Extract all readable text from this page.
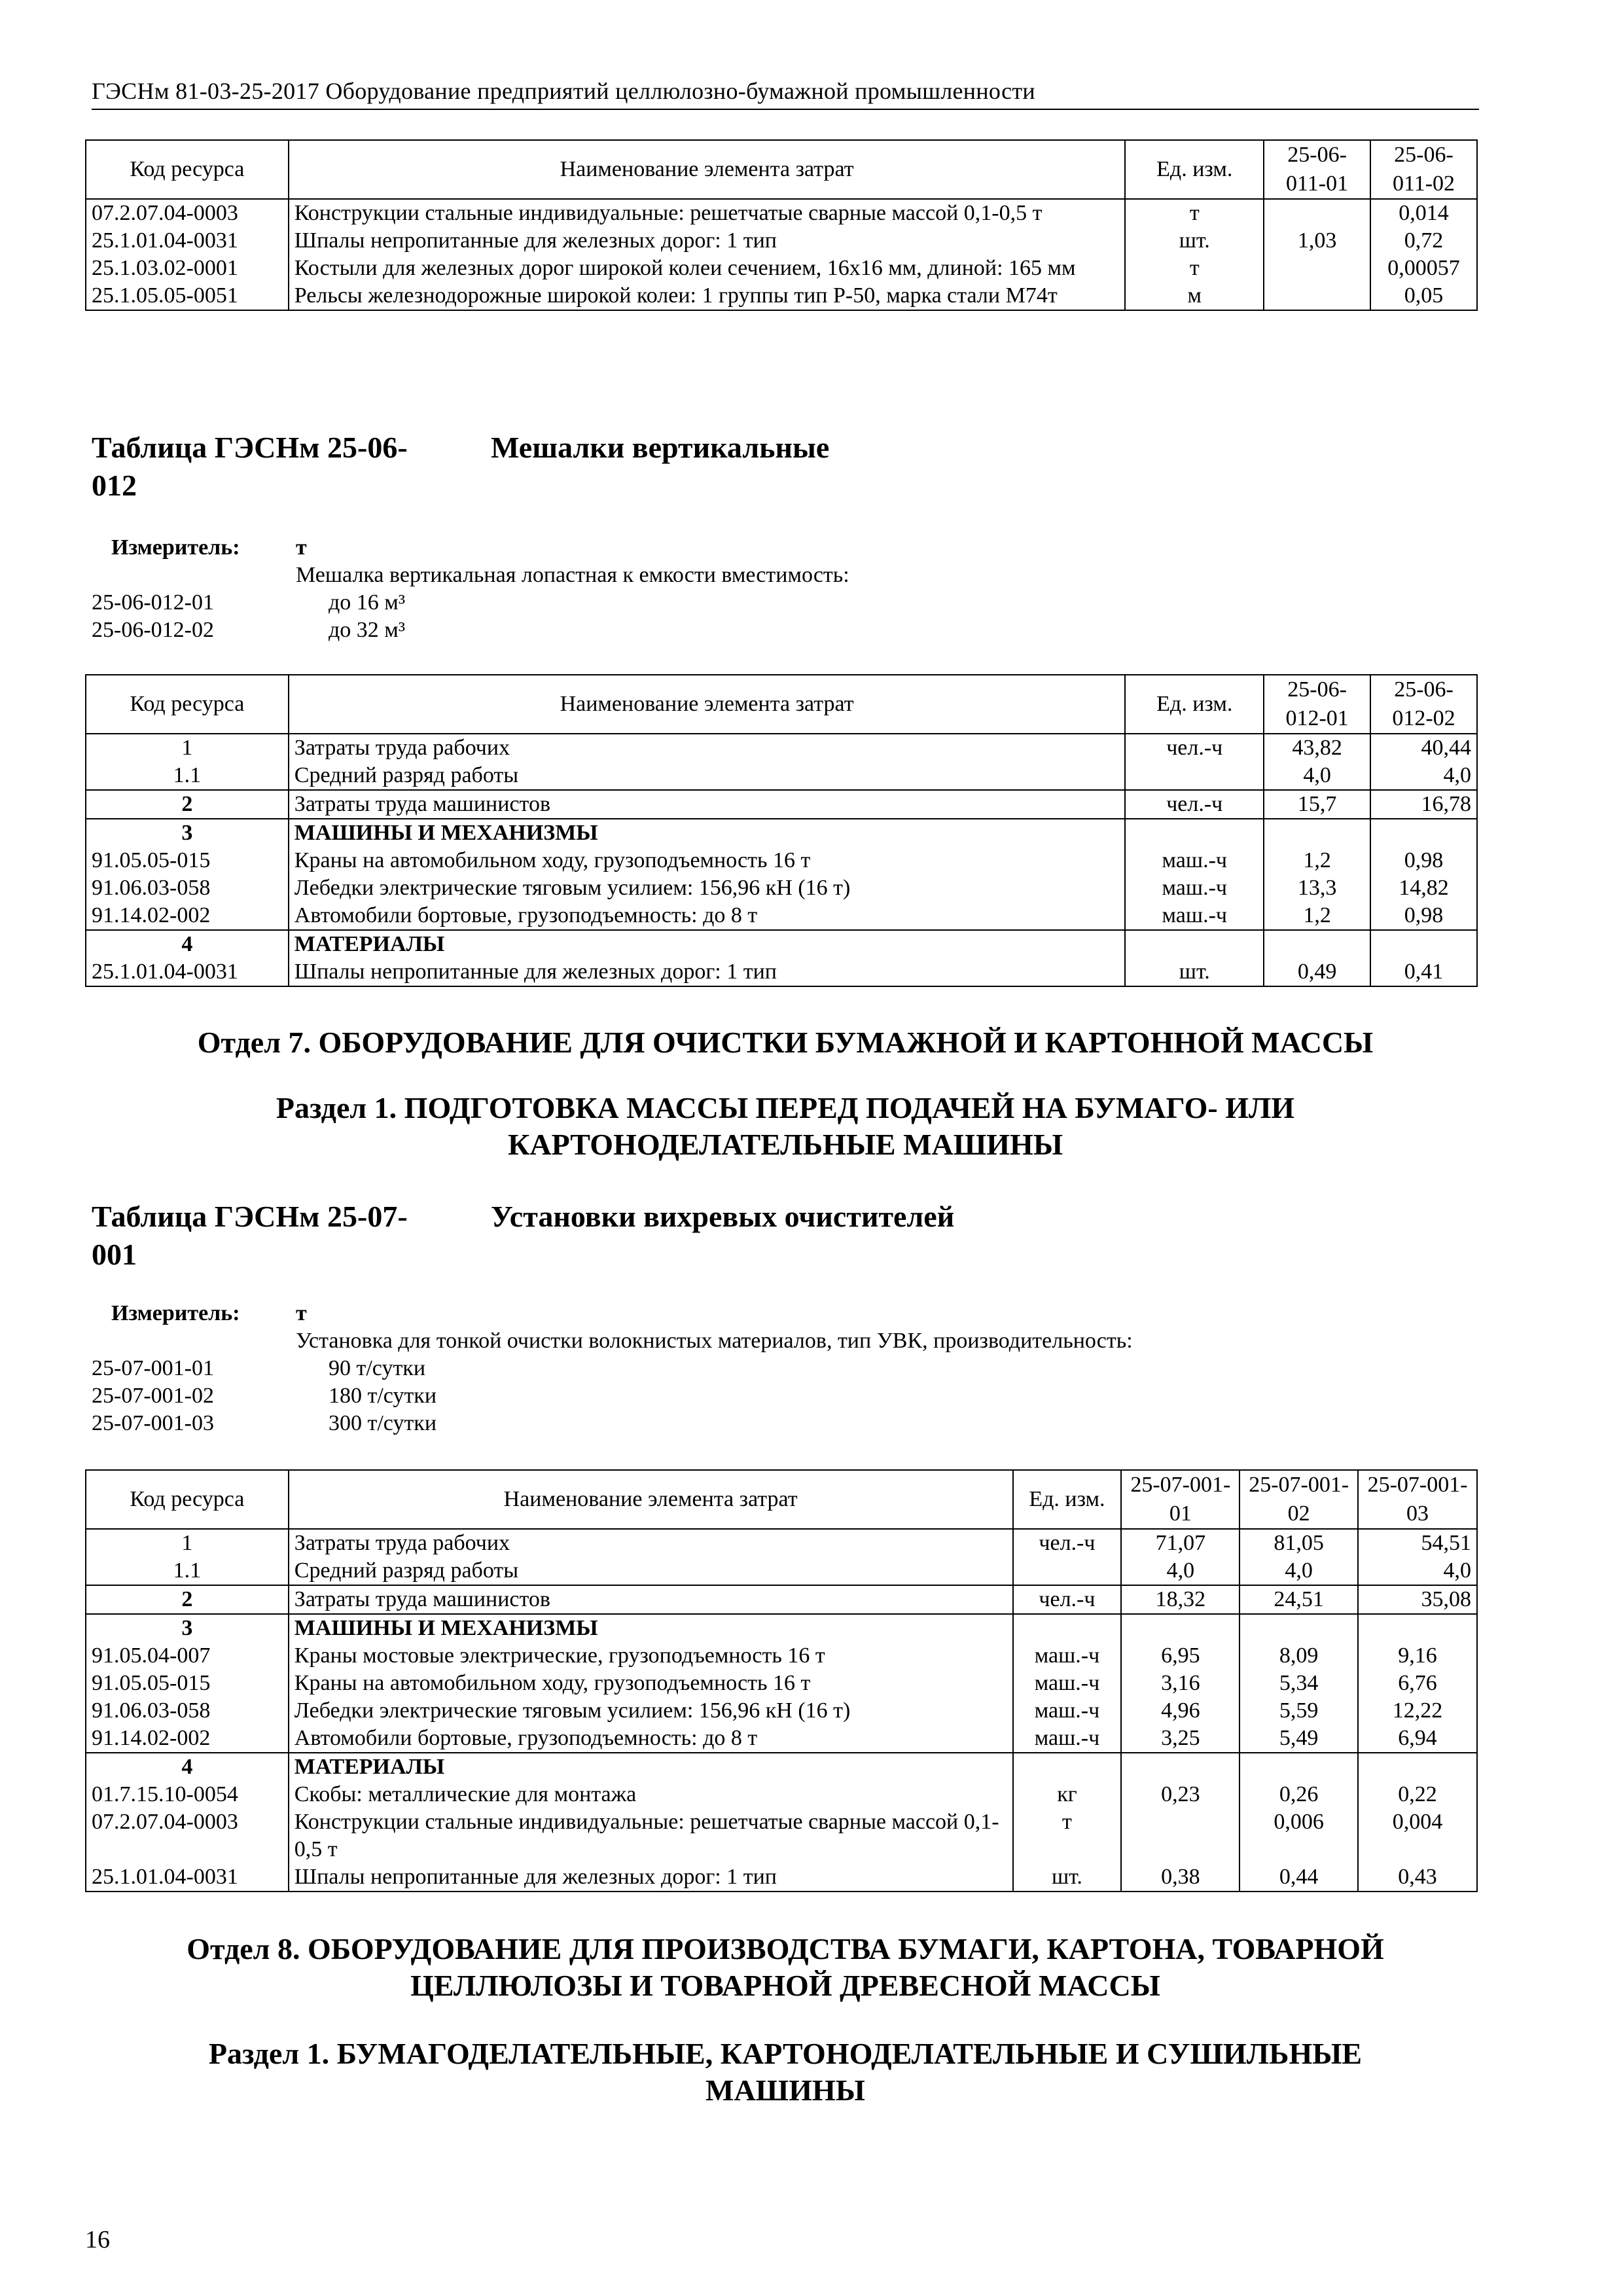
ГЭСНм 81-03-25-2017 Оборудование предприятий целлюлозно-бумажной промышленности
Код ресурса	Наименование элемента затрат	Ед. изм.	25-06-011-01	25-06-011-02
07.2.07.04-0003	Конструкции стальные индивидуальные: решетчатые сварные массой 0,1-0,5 т	т		0,014
25.1.01.04-0031	Шпалы непропитанные для железных дорог: 1 тип	шт.	1,03	0,72
25.1.03.02-0001	Костыли для железных дорог широкой колеи сечением, 16х16 мм, длиной: 165 мм	т		0,00057
25.1.05.05-0051	Рельсы железнодорожные широкой колеи: 1 группы тип Р-50, марка стали М74т	м		0,05
Таблица ГЭСНм 25-06-
012
Мешалки вертикальные
Измеритель:	т
Мешалка вертикальная лопастная к емкости вместимость:
25-06-012-01	до 16 м³
25-06-012-02	до 32 м³
Код ресурса	Наименование элемента затрат	Ед. изм.	25-06-012-01	25-06-012-02
1	Затраты труда рабочих	чел.-ч	43,82	40,44
1.1	Средний разряд работы		4,0	4,0
2	Затраты труда машинистов	чел.-ч	15,7	16,78
3	МАШИНЫ И МЕХАНИЗМЫ			
91.05.05-015	Краны на автомобильном ходу, грузоподъемность 16 т	маш.-ч	1,2	0,98
91.06.03-058	Лебедки электрические тяговым усилием: 156,96 кН (16 т)	маш.-ч	13,3	14,82
91.14.02-002	Автомобили бортовые, грузоподъемность: до 8 т	маш.-ч	1,2	0,98
4	МАТЕРИАЛЫ			
25.1.01.04-0031	Шпалы непропитанные для железных дорог: 1 тип	шт.	0,49	0,41
Отдел 7. ОБОРУДОВАНИЕ ДЛЯ ОЧИСТКИ БУМАЖНОЙ И КАРТОННОЙ МАССЫ
Раздел 1. ПОДГОТОВКА МАССЫ ПЕРЕД ПОДАЧЕЙ НА БУМАГО- ИЛИ
КАРТОНОДЕЛАТЕЛЬНЫЕ МАШИНЫ
Таблица ГЭСНм 25-07-
001
Установки вихревых очистителей
Измеритель:	т
Установка для тонкой очистки волокнистых материалов, тип УВК, производительность:
25-07-001-01	90 т/сутки
25-07-001-02	180 т/сутки
25-07-001-03	300 т/сутки
Код ресурса	Наименование элемента затрат	Ед. изм.	25-07-001-01	25-07-001-02	25-07-001-03
1	Затраты труда рабочих	чел.-ч	71,07	81,05	54,51
1.1	Средний разряд работы		4,0	4,0	4,0
2	Затраты труда машинистов	чел.-ч	18,32	24,51	35,08
3	МАШИНЫ И МЕХАНИЗМЫ				
91.05.04-007	Краны мостовые электрические, грузоподъемность 16 т	маш.-ч	6,95	8,09	9,16
91.05.05-015	Краны на автомобильном ходу, грузоподъемность 16 т	маш.-ч	3,16	5,34	6,76
91.06.03-058	Лебедки электрические тяговым усилием: 156,96 кН (16 т)	маш.-ч	4,96	5,59	12,22
91.14.02-002	Автомобили бортовые, грузоподъемность: до 8 т	маш.-ч	3,25	5,49	6,94
4	МАТЕРИАЛЫ				
01.7.15.10-0054	Скобы: металлические для монтажа	кг	0,23	0,26	0,22
07.2.07.04-0003	Конструкции стальные индивидуальные: решетчатые сварные массой 0,1-0,5 т	т		0,006	0,004
25.1.01.04-0031	Шпалы непропитанные для железных дорог: 1 тип	шт.	0,38	0,44	0,43
Отдел 8. ОБОРУДОВАНИЕ ДЛЯ ПРОИЗВОДСТВА БУМАГИ, КАРТОНА, ТОВАРНОЙ
ЦЕЛЛЮЛОЗЫ И ТОВАРНОЙ ДРЕВЕСНОЙ МАССЫ
Раздел 1. БУМАГОДЕЛАТЕЛЬНЫЕ, КАРТОНОДЕЛАТЕЛЬНЫЕ И СУШИЛЬНЫЕ
МАШИНЫ
16
